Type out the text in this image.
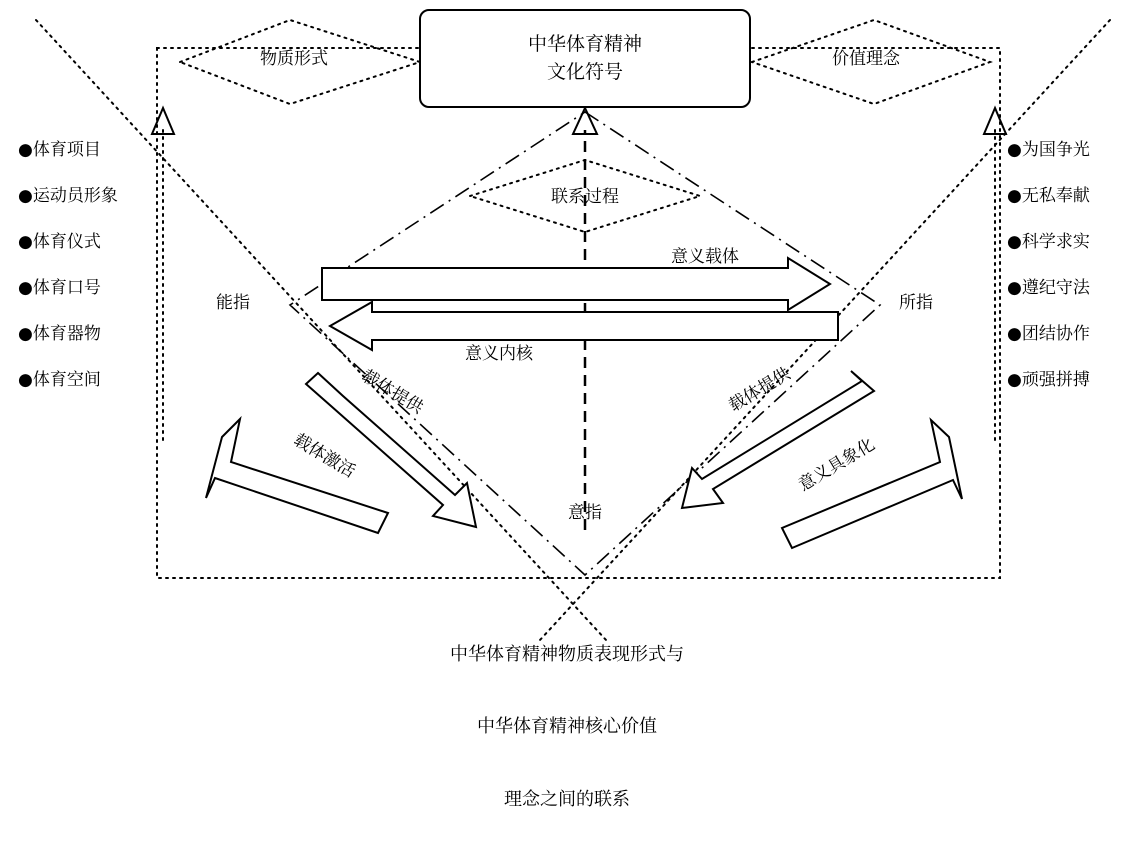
中华体育精神
文化符号
物质形式	价值理念
联系过程
能指	所指
意指
意义载体
意义内核
载体提供
载体激活
载体提供
意义具象化
●体育项目
●运动员形象
●体育仪式
●体育口号
●体育器物
●体育空间
●为国争光
●无私奉献
●科学求实
●遵纪守法
●团结协作
●顽强拼搏

中华体育精神物质表现形式与

中华体育精神核心价值

理念之间的联系
